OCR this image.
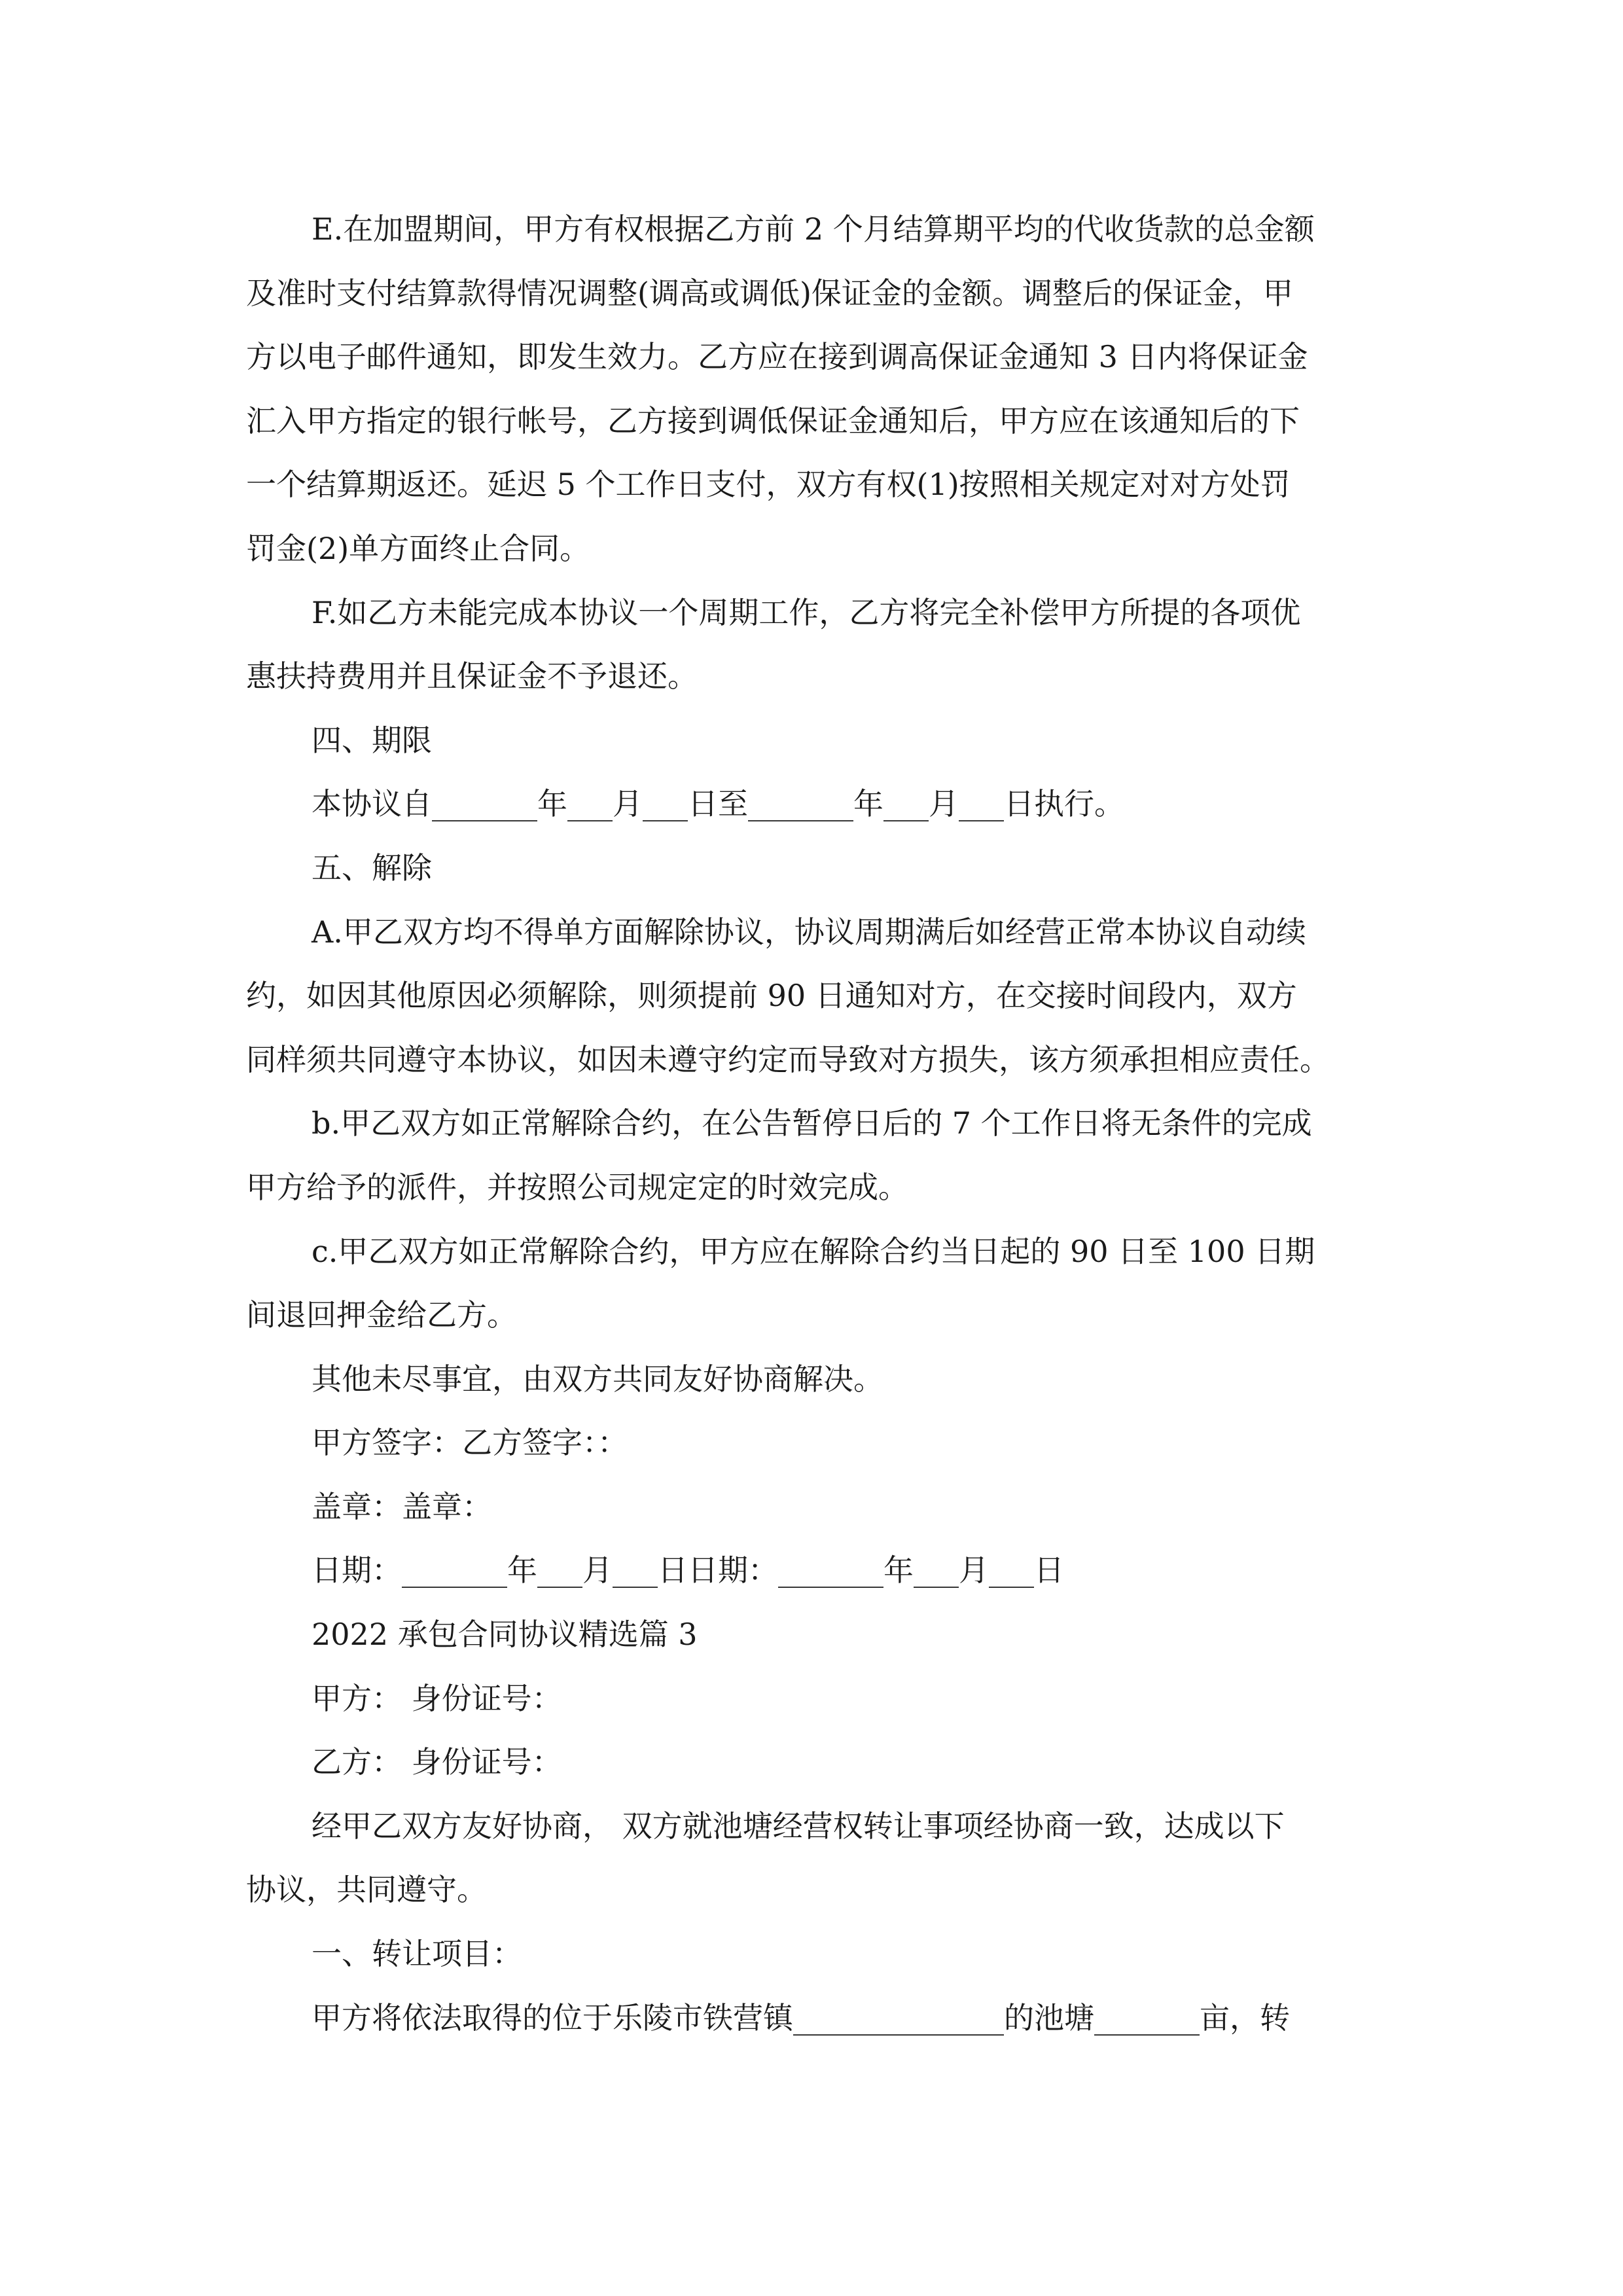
E.在加盟期间，甲方有权根据乙方前 2 个月结算期平均的代收货款的总金额
及准时支付结算款得情况调整(调高或调低)保证金的金额。调整后的保证金，甲
方以电子邮件通知，即发生效力。乙方应在接到调高保证金通知 3 日内将保证金
汇入甲方指定的银行帐号，乙方接到调低保证金通知后，甲方应在该通知后的下
一个结算期返还。延迟 5 个工作日支付，双方有权(1)按照相关规定对对方处罚
罚金(2)单方面终止合同。
F.如乙方未能完成本协议一个周期工作，乙方将完全补偿甲方所提的各项优
惠扶持费用并且保证金不予退还。
四、期限
本协议自_______年___月___日至_______年___月___日执行。
五、解除
A.甲乙双方均不得单方面解除协议，协议周期满后如经营正常本协议自动续
约，如因其他原因必须解除，则须提前 90 日通知对方，在交接时间段内，双方
同样须共同遵守本协议，如因未遵守约定而导致对方损失，该方须承担相应责任。
b.甲乙双方如正常解除合约，在公告暂停日后的 7 个工作日将无条件的完成
甲方给予的派件，并按照公司规定定的时效完成。
c.甲乙双方如正常解除合约，甲方应在解除合约当日起的 90 日至 100 日期
间退回押金给乙方。
其他未尽事宜，由双方共同友好协商解决。
甲方签字：乙方签字：：
盖章：盖章：
日期：_______年___月___日日期：_______年___月___日
2022 承包合同协议精选篇 3
甲方： 身份证号：
乙方： 身份证号：
经甲乙双方友好协商， 双方就池塘经营权转让事项经协商一致，达成以下
协议，共同遵守。
一、转让项目：
甲方将依法取得的位于乐陵市铁营镇______________的池塘_______亩，转
